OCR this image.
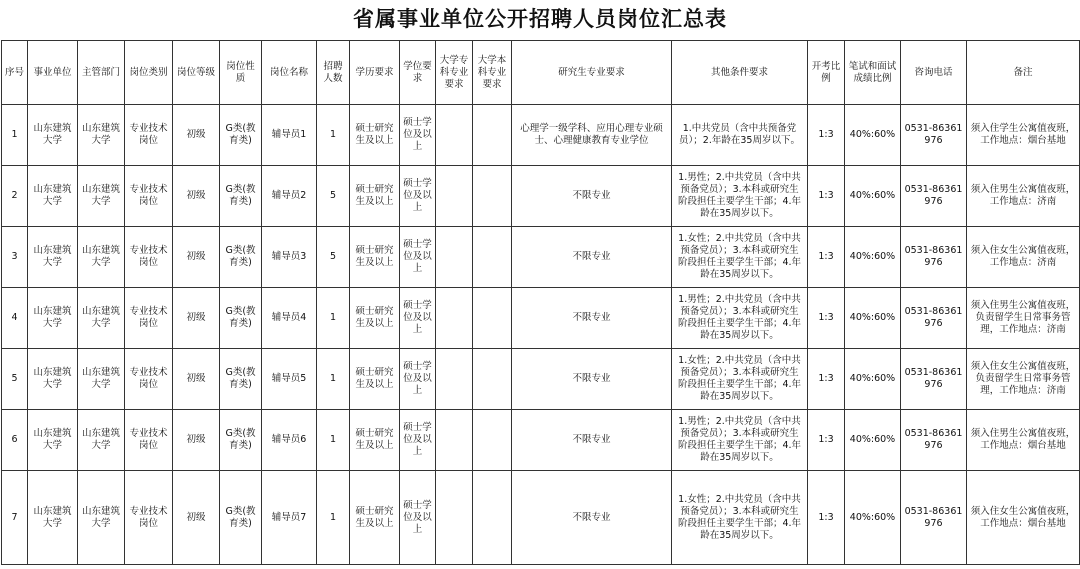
省属事业单位公开招聘人员岗位汇总表
序号	事业单位	主管部门	岗位类别	岗位等级	岗位性质	岗位名称	招聘人数	学历要求	学位要求	大学专科专业要求	大学本科专业要求	研究生专业要求	其他条件要求	开考比例	笔试和面试成绩比例	咨询电话	备注
1	山东建筑大学	山东建筑大学	专业技术岗位	初级	G类(教育类)	辅导员1	1	硕士研究生及以上	硕士学位及以上			心理学一级学科、应用心理专业硕士、心理健康教育专业学位	1.中共党员（含中共预备党员）；2.年龄在35周岁以下。	1:3	40%:60%	0531-86361976	须入住学生公寓值夜班，工作地点：烟台基地
2	山东建筑大学	山东建筑大学	专业技术岗位	初级	G类(教育类)	辅导员2	5	硕士研究生及以上	硕士学位及以上			不限专业	1.男性；2.中共党员（含中共预备党员）；3.本科或研究生阶段担任主要学生干部；4.年龄在35周岁以下。	1:3	40%:60%	0531-86361976	须入住男生公寓值夜班，工作地点：济南
3	山东建筑大学	山东建筑大学	专业技术岗位	初级	G类(教育类)	辅导员3	5	硕士研究生及以上	硕士学位及以上			不限专业	1.女性；2.中共党员（含中共预备党员）；3.本科或研究生阶段担任主要学生干部；4.年龄在35周岁以下。	1:3	40%:60%	0531-86361976	须入住女生公寓值夜班，工作地点：济南
4	山东建筑大学	山东建筑大学	专业技术岗位	初级	G类(教育类)	辅导员4	1	硕士研究生及以上	硕士学位及以上			不限专业	1.男性；2.中共党员（含中共预备党员）；3.本科或研究生阶段担任主要学生干部；4.年龄在35周岁以下。	1:3	40%:60%	0531-86361976	须入住男生公寓值夜班，负责留学生日常事务管理，工作地点：济南
5	山东建筑大学	山东建筑大学	专业技术岗位	初级	G类(教育类)	辅导员5	1	硕士研究生及以上	硕士学位及以上			不限专业	1.女性；2.中共党员（含中共预备党员）；3.本科或研究生阶段担任主要学生干部；4.年龄在35周岁以下。	1:3	40%:60%	0531-86361976	须入住女生公寓值夜班，负责留学生日常事务管理，工作地点：济南
6	山东建筑大学	山东建筑大学	专业技术岗位	初级	G类(教育类)	辅导员6	1	硕士研究生及以上	硕士学位及以上			不限专业	1.男性；2.中共党员（含中共预备党员）；3.本科或研究生阶段担任主要学生干部；4.年龄在35周岁以下。	1:3	40%:60%	0531-86361976	须入住男生公寓值夜班，工作地点：烟台基地
7	山东建筑大学	山东建筑大学	专业技术岗位	初级	G类(教育类)	辅导员7	1	硕士研究生及以上	硕士学位及以上			不限专业	1.女性；2.中共党员（含中共预备党员）；3.本科或研究生阶段担任主要学生干部；4.年龄在35周岁以下。	1:3	40%:60%	0531-86361976	须入住女生公寓值夜班，工作地点：烟台基地
